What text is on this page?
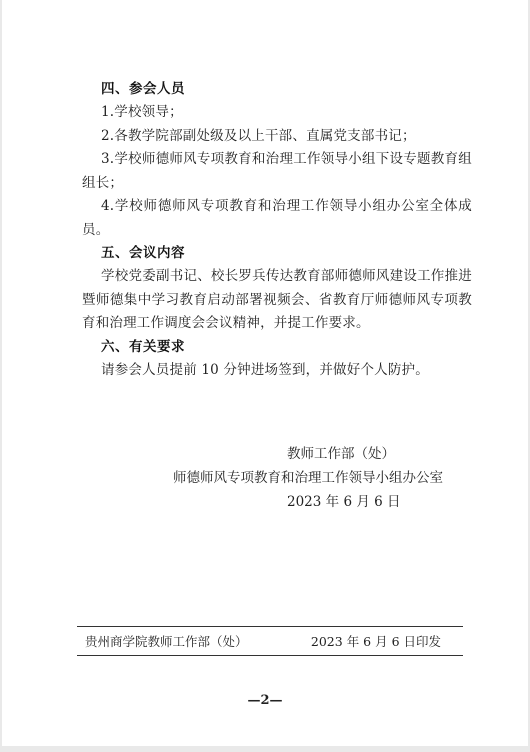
四、参会人员
1.学校领导；
2.各教学院部副处级及以上干部、直属党支部书记；
3.学校师德师风专项教育和治理工作领导小组下设专题教育组组长；
4.学校师德师风专项教育和治理工作领导小组办公室全体成员。
五、会议内容
学校党委副书记、校长罗兵传达教育部师德师风建设工作推进暨师德集中学习教育启动部署视频会、省教育厅师德师风专项教育和治理工作调度会会议精神，并提工作要求。
六、有关要求
请参会人员提前 10 分钟进场签到，并做好个人防护。
教师工作部（处）
师德师风专项教育和治理工作领导小组办公室
2023 年 6 月 6 日
贵州商学院教师工作部（处）	2023 年 6 月 6 日印发
—2—
